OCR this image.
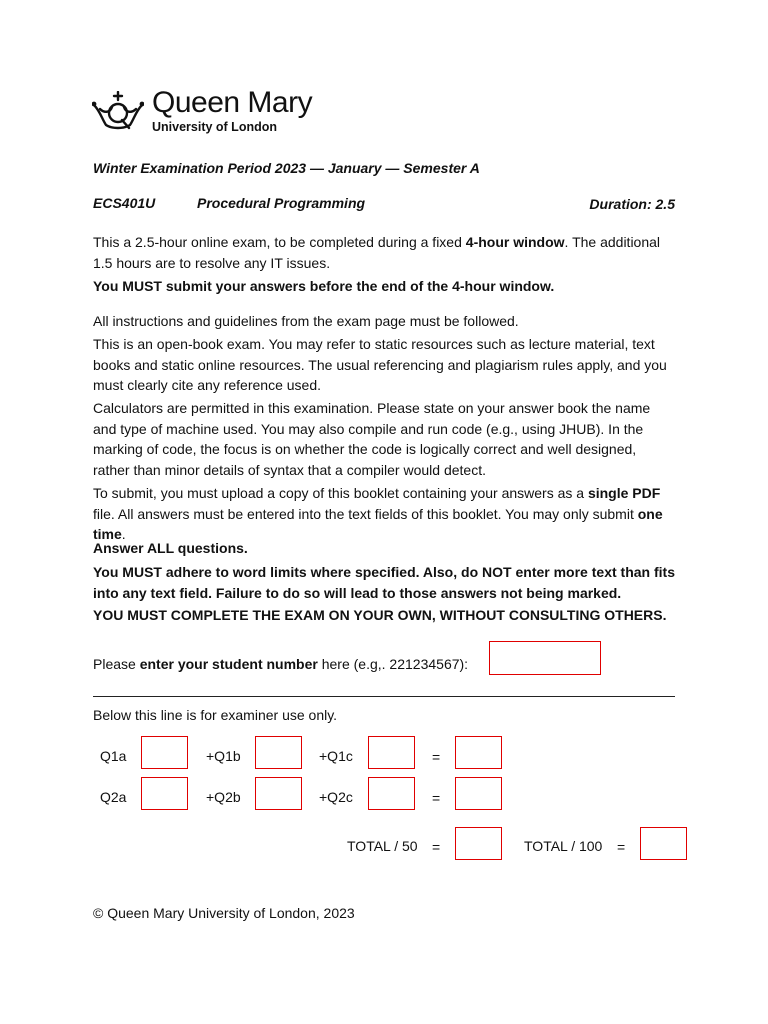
Queen Mary
University of London
Winter Examination Period 2023 — January — Semester A
ECS401U	Procedural Programming	Duration: 2.5
This a 2.5-hour online exam, to be completed during a fixed 4-hour window. The additional 1.5 hours are to resolve any IT issues.
You MUST submit your answers before the end of the 4-hour window.
All instructions and guidelines from the exam page must be followed.
This is an open-book exam. You may refer to static resources such as lecture material, text books and static online resources. The usual referencing and plagiarism rules apply, and you must clearly cite any reference used.
Calculators are permitted in this examination. Please state on your answer book the name and type of machine used. You may also compile and run code (e.g., using JHUB). In the marking of code, the focus is on whether the code is logically correct and well designed, rather than minor details of syntax that a compiler would detect.
To submit, you must upload a copy of this booklet containing your answers as a single PDF file. All answers must be entered into the text fields of this booklet. You may only submit one time.
Answer ALL questions.
You MUST adhere to word limits where specified. Also, do NOT enter more text than fits into any text field. Failure to do so will lead to those answers not being marked.
YOU MUST COMPLETE THE EXAM ON YOUR OWN, WITHOUT CONSULTING OTHERS.
Please enter your student number here (e.g,. 221234567):
Below this line is for examiner use only.
Q1a	+Q1b	+Q1c	=
Q2a	+Q2b	+Q2c	=
TOTAL / 50 =	TOTAL / 100 =
© Queen Mary University of London, 2023
